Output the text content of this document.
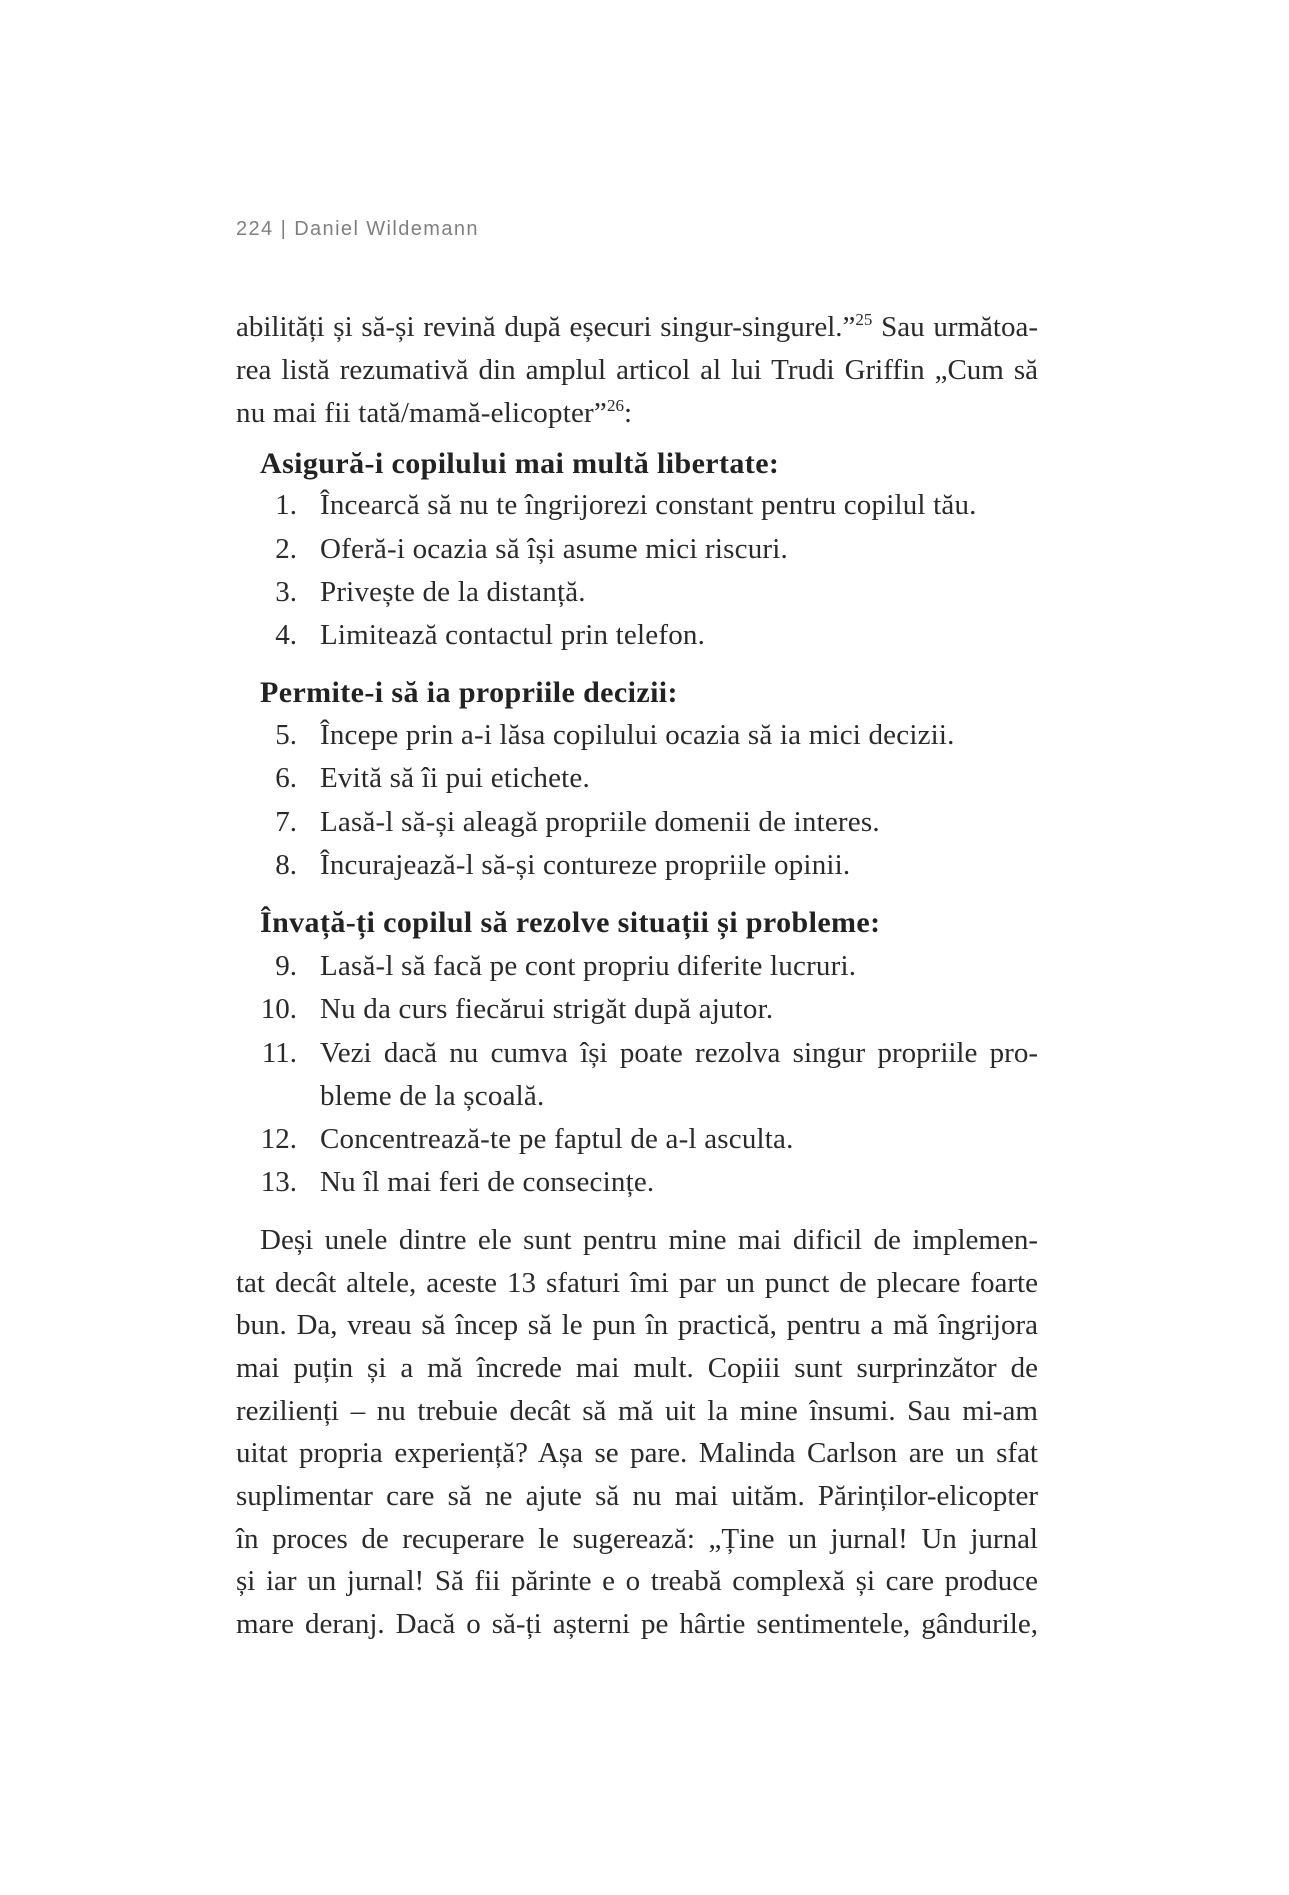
224 | Daniel Wildemann
abilități și să-și revină după eșecuri singur-singurel.”$^{25}$ Sau următoa-
rea listă rezumativă din amplul articol al lui Trudi Griffin „Cum să
nu mai fii tată/mamă-elicopter”$^{26}$:
Asigură-i copilului mai multă libertate:
1. Încearcă să nu te îngrijorezi constant pentru copilul tău.
2. Oferă-i ocazia să își asume mici riscuri.
3. Privește de la distanță.
4. Limitează contactul prin telefon.
Permite-i să ia propriile decizii:
5. Începe prin a-i lăsa copilului ocazia să ia mici decizii.
6. Evită să îi pui etichete.
7. Lasă-l să-și aleagă propriile domenii de interes.
8. Încurajează-l să-și contureze propriile opinii.
Învață-ți copilul să rezolve situații și probleme:
9. Lasă-l să facă pe cont propriu diferite lucruri.
10. Nu da curs fiecărui strigăt după ajutor.
11. Vezi dacă nu cumva își poate rezolva singur propriile pro-
bleme de la școală.
12. Concentrează-te pe faptul de a-l asculta.
13. Nu îl mai feri de consecințe.
Deși unele dintre ele sunt pentru mine mai dificil de implemen-
tat decât altele, aceste 13 sfaturi îmi par un punct de plecare foarte
bun. Da, vreau să încep să le pun în practică, pentru a mă îngrijora
mai puțin și a mă încrede mai mult. Copiii sunt surprinzător de
rezilienți – nu trebuie decât să mă uit la mine însumi. Sau mi-am
uitat propria experiență? Așa se pare. Malinda Carlson are un sfat
suplimentar care să ne ajute să nu mai uităm. Părinților-elicopter
în proces de recuperare le sugerează: „Ține un jurnal! Un jurnal
și iar un jurnal! Să fii părinte e o treabă complexă și care produce
mare deranj. Dacă o să-ți așterni pe hârtie sentimentele, gândurile,
